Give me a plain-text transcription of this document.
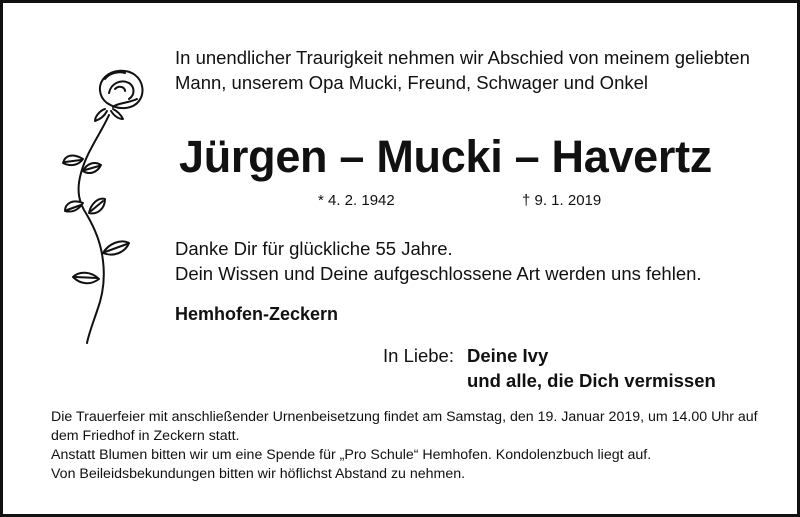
In unendlicher Traurigkeit nehmen wir Abschied von meinem geliebten Mann, unserem Opa Mucki, Freund, Schwager und Onkel

Jürgen – Mucki – Havertz
* 4. 2. 1942	† 9. 1. 2019
Danke Dir für glückliche 55 Jahre.
Dein Wissen und Deine aufgeschlossene Art werden uns fehlen.
Hemhofen-Zeckern
In Liebe: Deine Ivy
und alle, die Dich vermissen
Die Trauerfeier mit anschließender Urnenbeisetzung findet am Samstag, den 19. Januar 2019, um 14.00 Uhr auf dem Friedhof in Zeckern statt.
Anstatt Blumen bitten wir um eine Spende für „Pro Schule“ Hemhofen. Kondolenzbuch liegt auf.
Von Beileidsbekundungen bitten wir höflichst Abstand zu nehmen.
